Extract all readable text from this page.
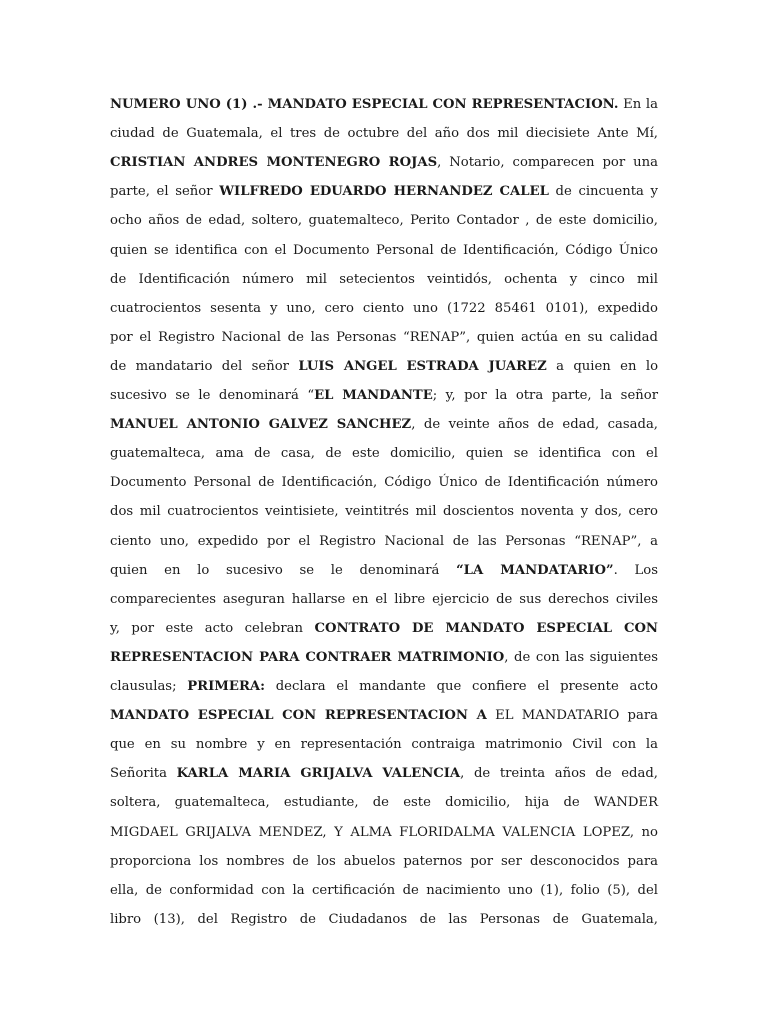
NUMERO UNO (1) .- MANDATO ESPECIAL CON REPRESENTACION. En la
ciudad de Guatemala, el tres de octubre del año dos mil diecisiete Ante Mí,
CRISTIAN ANDRES MONTENEGRO ROJAS, Notario, comparecen por una
parte, el señor WILFREDO EDUARDO HERNANDEZ CALEL de cincuenta y
ocho años de edad, soltero, guatemalteco, Perito Contador , de este domicilio,
quien se identifica con el Documento Personal de Identificación, Código Único
de Identificación número mil setecientos veintidós, ochenta y cinco mil
cuatrocientos sesenta y uno, cero ciento uno (1722 85461 0101), expedido
por el Registro Nacional de las Personas “RENAP”, quien actúa en su calidad
de mandatario del señor LUIS ANGEL ESTRADA JUAREZ a quien en lo
sucesivo se le denominará “EL MANDANTE; y, por la otra parte, la señor
MANUEL ANTONIO GALVEZ SANCHEZ, de veinte años de edad, casada,
guatemalteca, ama de casa, de este domicilio, quien se identifica con el
Documento Personal de Identificación, Código Único de Identificación número
dos mil cuatrocientos veintisiete, veintitrés mil doscientos noventa y dos, cero
ciento uno, expedido por el Registro Nacional de las Personas “RENAP”, a
quien en lo sucesivo se le denominará “LA MANDATARIO”. Los
comparecientes aseguran hallarse en el libre ejercicio de sus derechos civiles
y, por este acto celebran CONTRATO DE MANDATO ESPECIAL CON
REPRESENTACION PARA CONTRAER MATRIMONIO, de con las siguientes
clausulas; PRIMERA: declara el mandante que confiere el presente acto
MANDATO ESPECIAL CON REPRESENTACION A EL MANDATARIO para
que en su nombre y en representación contraiga matrimonio Civil con la
Señorita KARLA MARIA GRIJALVA VALENCIA, de treinta años de edad,
soltera, guatemalteca, estudiante, de este domicilio, hija de WANDER
MIGDAEL GRIJALVA MENDEZ, Y ALMA FLORIDALMA VALENCIA LOPEZ, no
proporciona los nombres de los abuelos paternos por ser desconocidos para
ella, de conformidad con la certificación de nacimiento uno (1), folio (5), del
libro (13), del Registro de Ciudadanos de las Personas de Guatemala,
